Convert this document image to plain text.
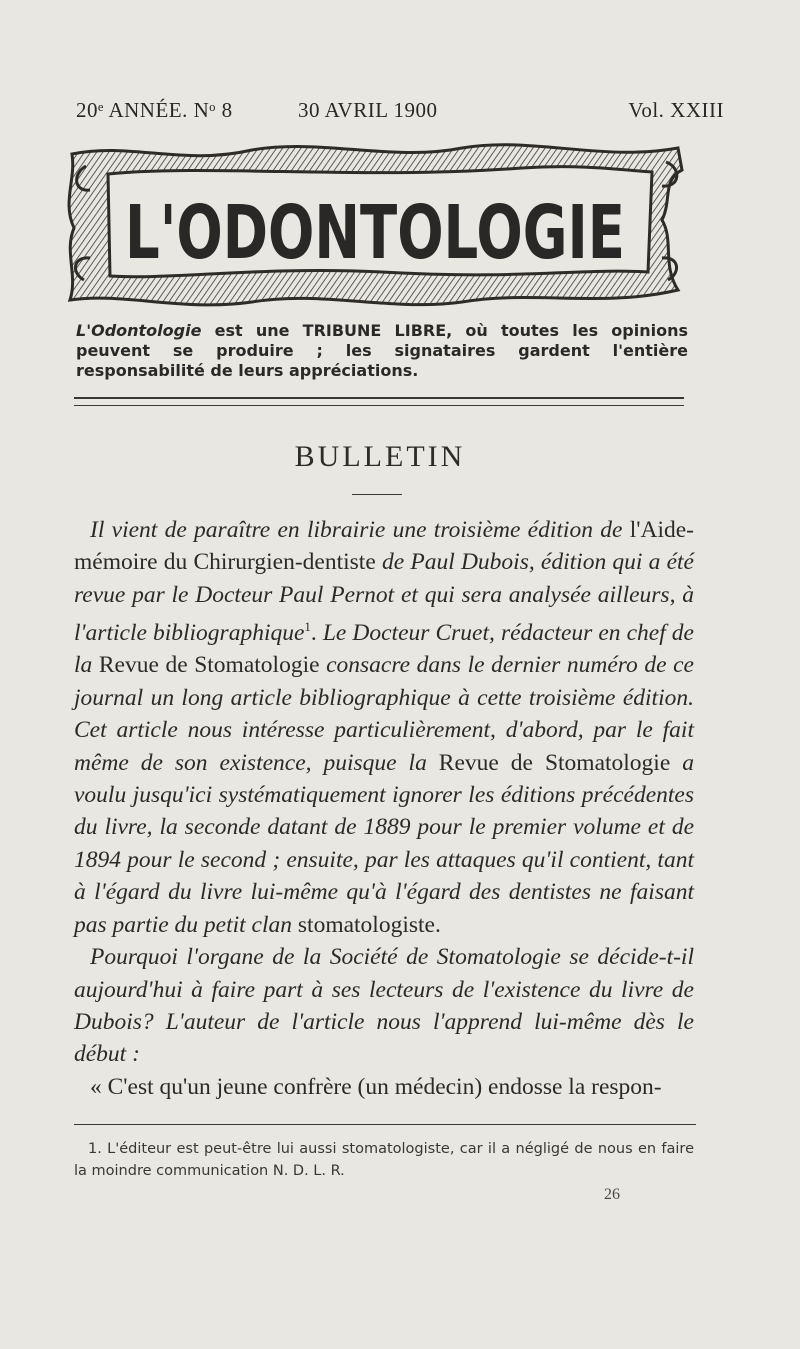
20ᵉ ANNÉE. Nᵒ 8	30 AVRIL 1900	Vol. XXIII
L'ODONTOLOGIE
L'Odontologie est une TRIBUNE LIBRE, où toutes les opinions peuvent se produire ; les signataires gardent l'entière responsabilité de leurs appréciations.
BULLETIN

Il vient de paraître en librairie une troisième édition de l'Aide-mémoire du Chirurgien-dentiste de Paul Dubois, édition qui a été revue par le Docteur Paul Pernot et qui sera analysée ailleurs, à l'article bibliographique$^1$. Le Docteur Cruet, rédacteur en chef de la Revue de Stomatologie consacre dans le dernier numéro de ce journal un long article bibliographique à cette troisième édition. Cet article nous intéresse particulièrement, d'abord, par le fait même de son existence, puisque la Revue de Stomatologie a voulu jusqu'ici systématiquement ignorer les éditions précédentes du livre, la seconde datant de 1889 pour le premier volume et de 1894 pour le second ; ensuite, par les attaques qu'il contient, tant à l'égard du livre lui-même qu'à l'égard des dentistes ne faisant pas partie du petit clan stomatologiste.

Pourquoi l'organe de la Société de Stomatologie se décide-t-il aujourd'hui à faire part à ses lecteurs de l'existence du livre de Dubois? L'auteur de l'article nous l'apprend lui-même dès le début :

« C'est qu'un jeune confrère (un médecin) endosse la respon-

1. L'éditeur est peut-être lui aussi stomatologiste, car il a négligé de nous en faire la moindre communication N. D. L. R.

26
